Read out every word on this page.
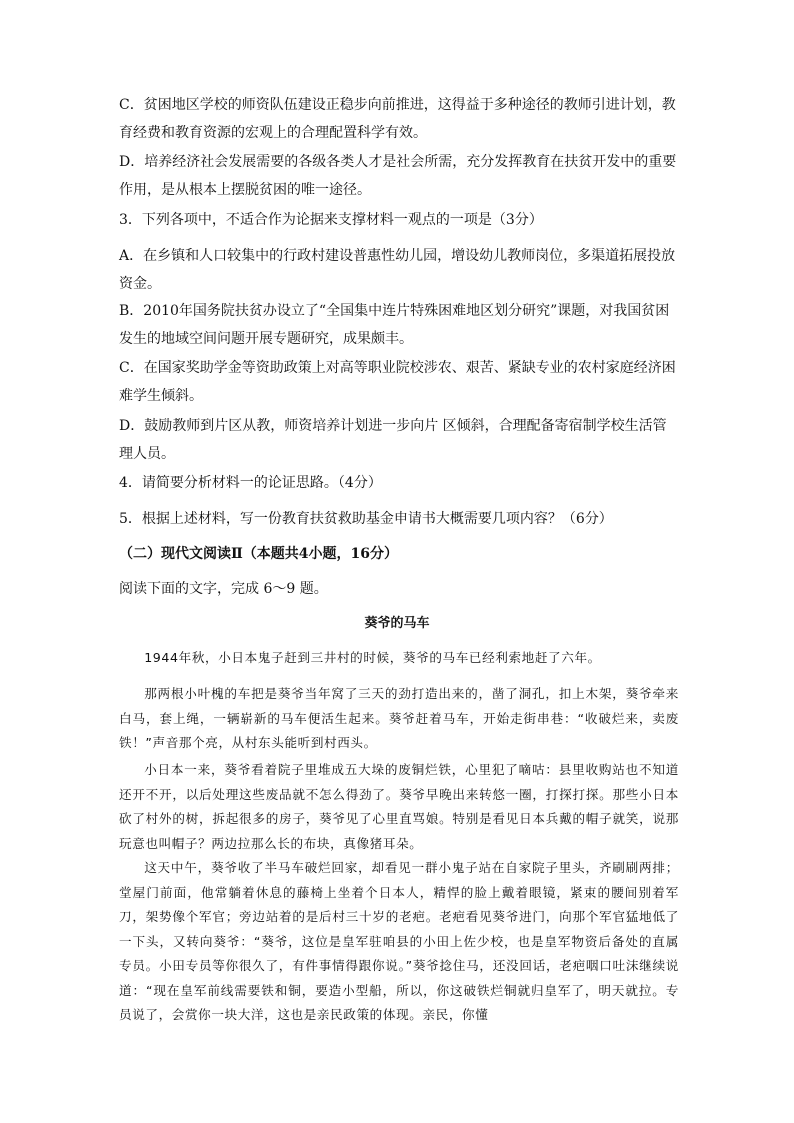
C．贫困地区学校的师资队伍建设正稳步向前推进，这得益于多种途径的教师引进计划，教育经费和教育资源的宏观上的合理配置科学有效。

D．培养经济社会发展需要的各级各类人才是社会所需，充分发挥教育在扶贫开发中的重要作用，是从根本上摆脱贫困的唯一途径。

3．下列各项中，不适合作为论据来支撑材料一观点的一项是（3分）

A．在乡镇和人口较集中的行政村建设普惠性幼儿园，增设幼儿教师岗位，多渠道拓展投放资金。

B．2010年国务院扶贫办设立了“全国集中连片特殊困难地区划分研究”课题，对我国贫困发生的地域空间问题开展专题研究，成果颇丰。

C．在国家奖助学金等资助政策上对高等职业院校涉农、艰苦、紧缺专业的农村家庭经济困难学生倾斜。

D．鼓励教师到片区从教，师资培养计划进一步向片 区倾斜，合理配备寄宿制学校生活管理人员。

4．请简要分析材料一的论证思路。（4分）

5．根据上述材料，写一份教育扶贫救助基金申请书大概需要几项内容？（6分）

（二）现代文阅读Ⅱ（本题共4小题，16分）

阅读下面的文字，完成 6～9 题。

葵爷的马车

1944年秋，小日本鬼子赶到三井村的时候，葵爷的马车已经利索地赶了六年。

那两根小叶槐的车把是葵爷当年窝了三天的劲打造出来的，凿了洞孔，扣上木架，葵爷牵来白马，套上绳，一辆崭新的马车便活生起来。葵爷赶着马车，开始走街串巷：“收破烂来，卖废铁！”声音那个亮，从村东头能听到村西头。

小日本一来，葵爷看着院子里堆成五大垛的废铜烂铁，心里犯了嘀咕：县里收购站也不知道还开不开，以后处理这些废品就不怎么得劲了。葵爷早晚出来转悠一圈，打探打探。那些小日本砍了村外的树，拆起很多的房子，葵爷见了心里直骂娘。特别是看见日本兵戴的帽子就笑，说那玩意也叫帽子？两边拉那么长的布块，真像猪耳朵。

这天中午，葵爷收了半马车破烂回家，却看见一群小鬼子站在自家院子里头，齐刷刷两排；堂屋门前面，他常躺着休息的藤椅上坐着个日本人，精悍的脸上戴着眼镜，紧束的腰间别着军刀，架势像个军官；旁边站着的是后村三十岁的老疤。老疤看见葵爷进门，向那个军官猛地低了一下头，又转向葵爷：“葵爷，这位是皇军驻咱县的小田上佐少校，也是皇军物资后备处的直属专员。小田专员等你很久了，有件事情得跟你说。”葵爷捻住马，还没回话，老疤咽口吐沫继续说道：“现在皇军前线需要铁和铜，要造小型船，所以，你这破铁烂铜就归皇军了，明天就拉。专员说了，会赏你一块大洋，这也是亲民政策的体现。亲民，你懂
